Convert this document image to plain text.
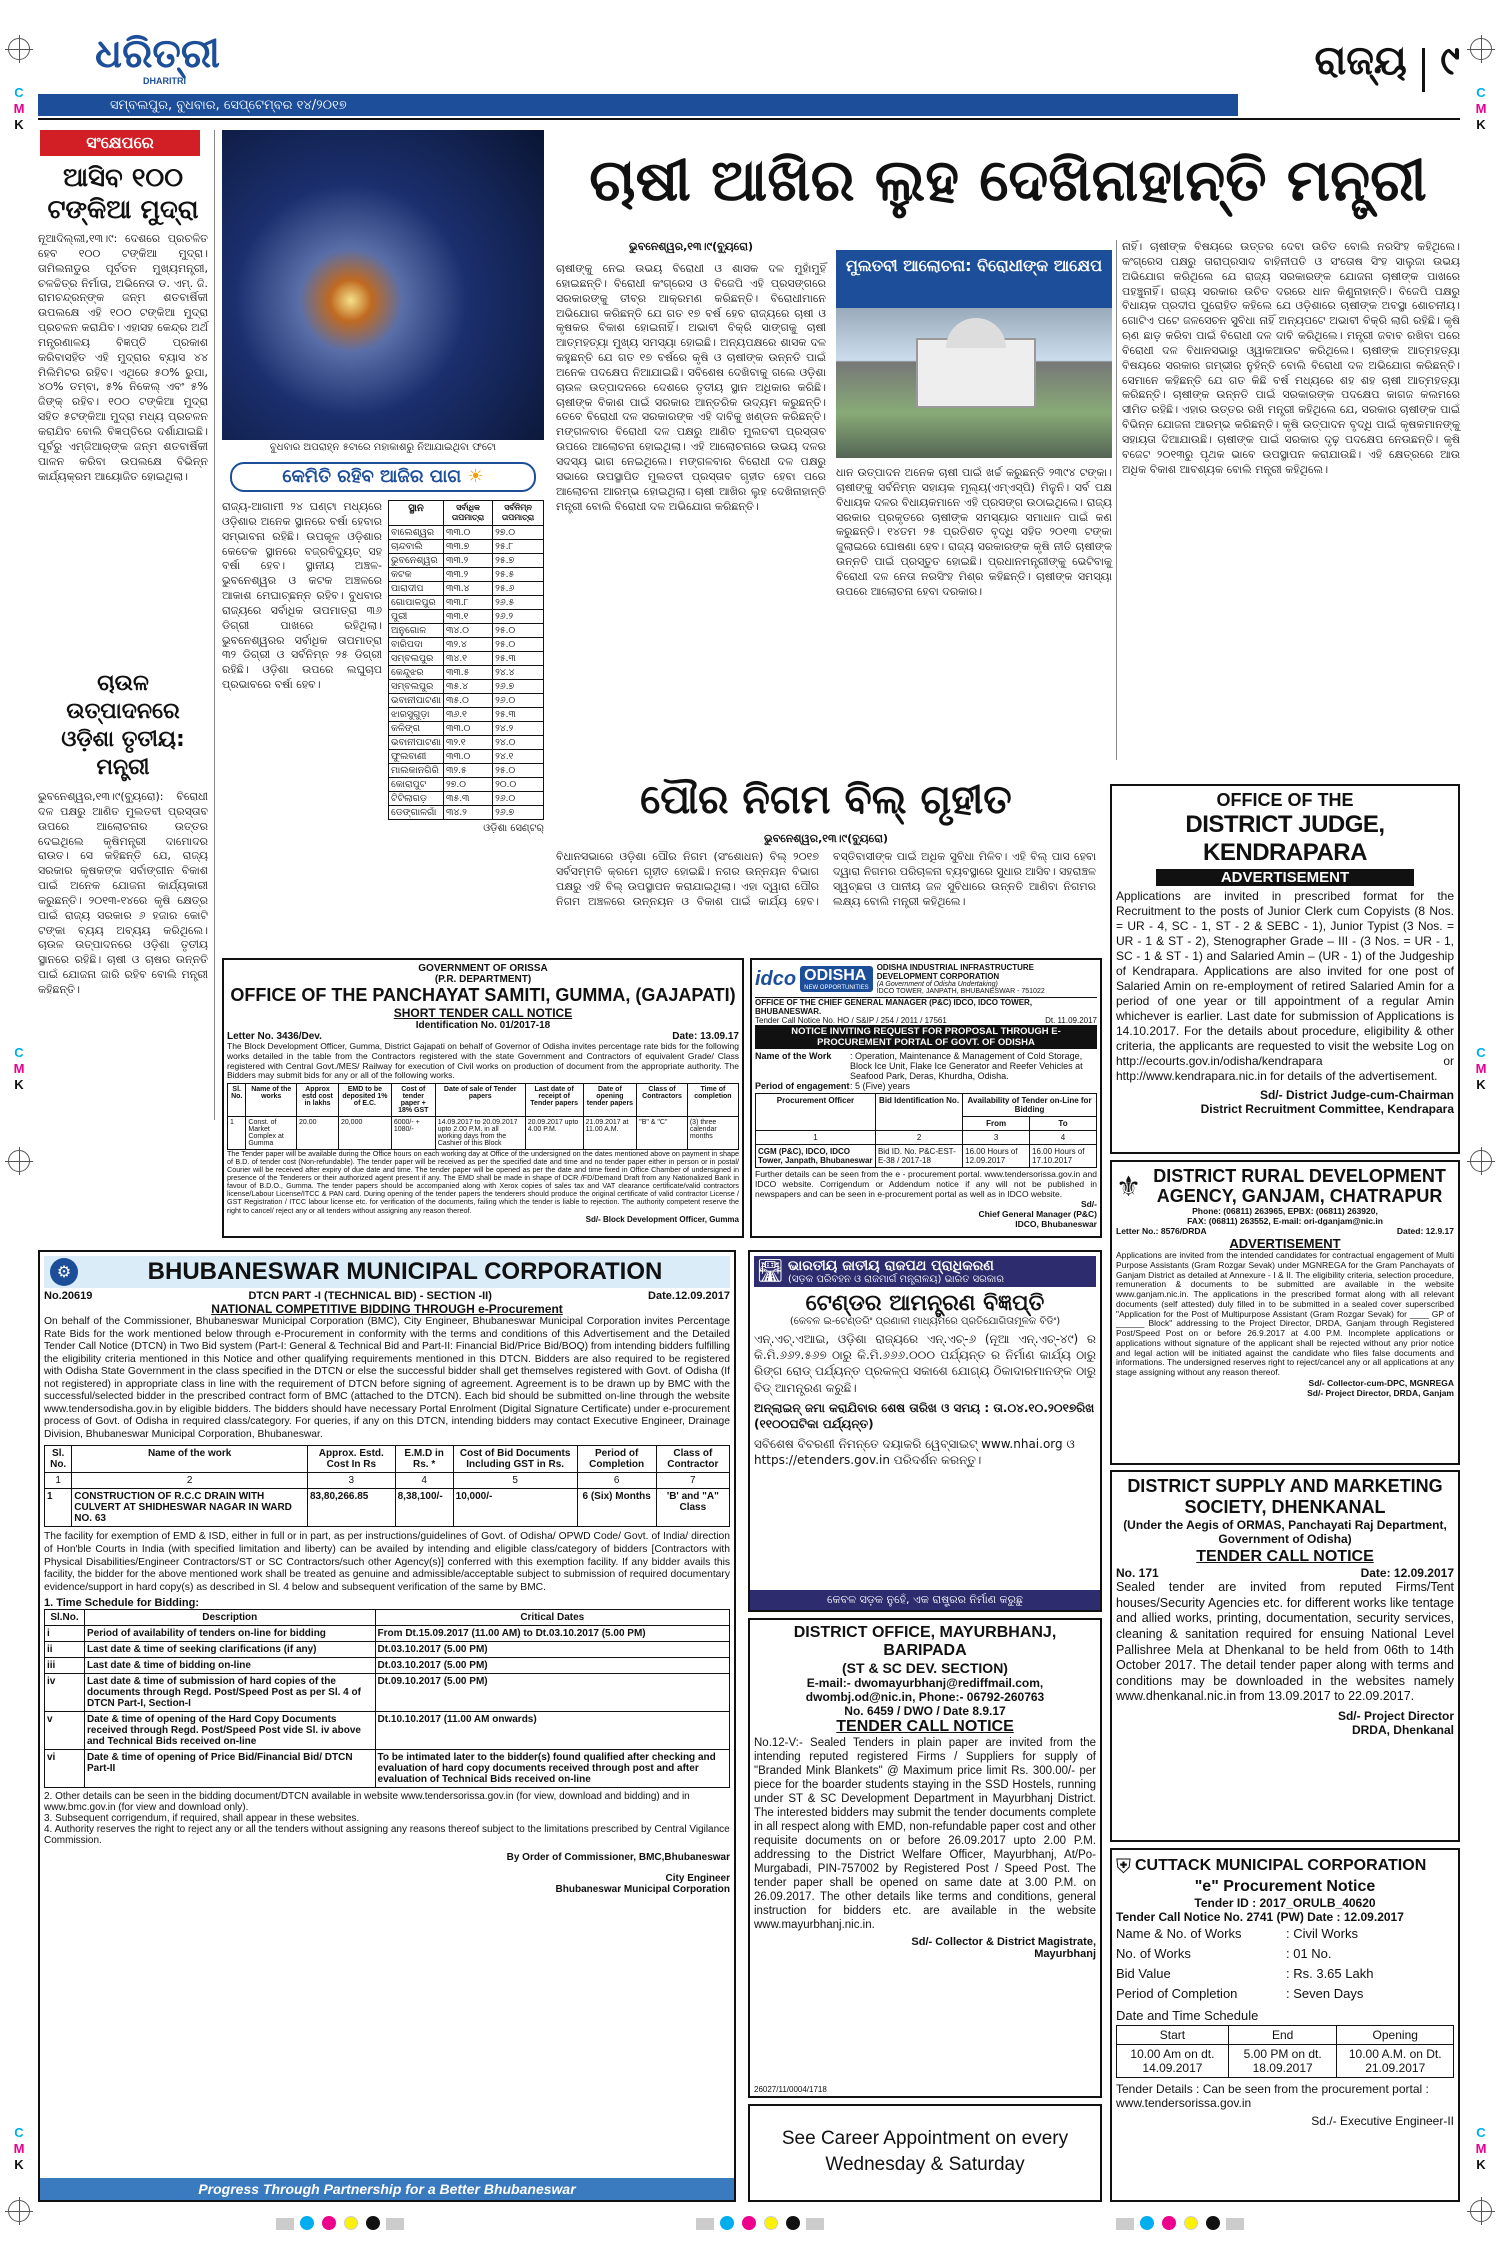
C
M
K
C
M
K
C
M
K
C
M
K
C
M
K
C
M
K
ଧରିତ୍ରୀ
DHARITRI
ସମ୍ବଲପୁର, ବୁଧବାର, ସେପ୍ଟେମ୍ବର ୧୪/୨୦୧୭
ରାଜ୍ୟ ୯
ସଂକ୍ଷେପରେ
ଆସିବ ୧୦୦ ଟଙ୍କିଆ ମୁଦ୍ରା
ନୂଆଦିଲ୍ଲୀ,୧୩।୯: ଦେଶରେ ପ୍ରଚଳିତ ହେବ ୧୦୦ ଟଙ୍କିଆ ମୁଦ୍ରା। ତାମିଲନାଡୁର ପୂର୍ବତନ ମୁଖ୍ୟମନ୍ତ୍ରୀ, ଚଳଚ୍ଚିତ୍ର ନିର୍ମାତା, ଅଭିନେତା ଡ. ଏମ୍. ଜି. ରାମଚନ୍ଦ୍ରନ୍‌ଙ୍କ ଜନ୍ମ ଶତବାର୍ଷିକୀ ଉପଲକ୍ଷେ ଏହି ୧୦୦ ଟଙ୍କିଆ ମୁଦ୍ରା ପ୍ରଚଳନ କରାଯିବ। ଏହାସହ କେନ୍ଦ୍ର ଅର୍ଥ ମନ୍ତ୍ରଣାଳୟ ବିଜ୍ଞପ୍ତି ପ୍ରକାଶ କରିବାସହିତ ଏହି ମୁଦ୍ରାର ବ୍ୟାସ ୪୪ ମିଲିମିଟର ରହିବ। ଏଥିରେ ୫୦% ରୁପା, ୪୦% ତମ୍ବା, ୫% ନିକେଲ୍ ଏବଂ ୫% ଜିଙ୍କ୍ ରହିବ। ୧୦୦ ଟଙ୍କିଆ ମୁଦ୍ରା ସହିତ ୫ଟଙ୍କିଆ ମୁଦ୍ରା ମଧ୍ୟ ପ୍ରଚଳନ କରାଯିବ ବୋଲି ବିଜ୍ଞପ୍ତିରେ ଦର୍ଶାଯାଇଛି। ପୂର୍ବରୁ ଏମ୍‌ଜିଆର୍‌ଙ୍କ ଜନ୍ମ ଶତବାର୍ଷିକୀ ପାଳନ କରିବା ଉପଲକ୍ଷେ ବିଭିନ୍ନ କାର୍ଯ୍ୟକ୍ରମ ଆୟୋଜିତ ହୋଇଥିଲା।
ଚାଉଳ ଉତ୍ପାଦନରେ ଓଡ଼ିଶା ତୃତୀୟ: ମନ୍ତ୍ରୀ
ଭୁବନେଶ୍ୱର,୧୩।୯(ବ୍ୟୁରୋ): ବିରୋଧୀ ଦଳ ପକ୍ଷରୁ ଆଣିତ ମୁଲତବୀ ପ୍ରସ୍ତାବ ଉପରେ ଆଲୋଚନାର ଉତ୍ତର ଦେଇଥିଲେ କୃଷିମନ୍ତ୍ରୀ ଦାମୋଦର ରାଉତ। ସେ କହିଛନ୍ତି ଯେ, ରାଜ୍ୟ ସରକାର କୃଷକଙ୍କ ସର୍ବାଙ୍ଗୀନ ବିକାଶ ପାଇଁ ଅନେକ ଯୋଜନା କାର୍ଯ୍ୟକାରୀ କରୁଛନ୍ତି। ୨୦୧୩-୧୪ରେ କୃଷି କ୍ଷେତ୍ର ପାଇଁ ରାଜ୍ୟ ସରକାର ୬ ହଜାର କୋଟି ଟଙ୍କା ବ୍ୟୟ ଅବ୍ୟୟ କରିଥିଲେ। ଚାଉଳ ଉତ୍ପାଦନରେ ଓଡ଼ିଶା ତୃତୀୟ ସ୍ଥାନରେ ରହିଛି। ଚାଷୀ ଓ ଚାଷର ଉନ୍ନତି ପାଇଁ ଯୋଜନା ଜାରି ରହିବ ବୋଲି ମନ୍ତ୍ରୀ କହିଛନ୍ତି।
ବୁଧବାର ଅପରାହ୍ନ ୫ଟାରେ ମହାକାଶରୁ ନିଆଯାଇଥିବା ଫଟୋ
କେମିତି ରହିବ ଆଜିର ପାଗ ☀
ରାଜ୍ୟ-ଆଗାମୀ ୨୪ ଘଣ୍ଟା ମଧ୍ୟରେ ଓଡ଼ିଶାର ଅନେକ ସ୍ଥାନରେ ବର୍ଷା ହେବାର ସମ୍ଭାବନା ରହିଛି। ଉପକୂଳ ଓଡ଼ିଶାର କେତେକ ସ୍ଥାନରେ ବଜ୍ରବିଦ୍ୟୁତ୍ ସହ ବର୍ଷା ହେବ। ସ୍ଥାନୀୟ ଅଞ୍ଚଳ- ଭୁବନେଶ୍ୱର ଓ କଟକ ଅଞ୍ଚଳରେ ଆକାଶ ମେଘାଚ୍ଛନ୍ନ ରହିବ। ବୁଧବାର ରାଜ୍ୟରେ ସର୍ବାଧିକ ତାପମାତ୍ରା ୩୬ ଡିଗ୍ରୀ ପାଖରେ ରହିଥିଲା। ଭୁବନେଶ୍ୱରର ସର୍ବାଧିକ ତାପମାତ୍ରା ୩୨ ଡିଗ୍ରୀ ଓ ସର୍ବନିମ୍ନ ୨୫ ଡିଗ୍ରୀ ରହିଛି। ଓଡ଼ିଶା ଉପରେ ଲଘୁଚାପ ପ୍ରଭାବରେ ବର୍ଷା ହେବ।
ସ୍ଥାନ	ସର୍ବାଧିକ ତାପମାତ୍ରା	ସର୍ବନିମ୍ନ ତାପମାତ୍ରା
ବାଲେଶ୍ୱର	୩୩.୦	୨୭.୦
ଚାନ୍ଦବାଲି	୩୩.୭	୨୫.୮
ଭୁବନେଶ୍ୱର	୩୩.୨	୨୫.୭
କଟକ	୩୩.୨	୨୫.୫
ପାରାଦୀପ	୩୩.୪	୨୫.୬
ଗୋପାଳପୁର	୩୩.୮	୨୬.୫
ପୁରୀ	୩୩.୧	୨୬.୨
ଅନୁଗୋଳ	୩୪.୦	୨୫.୦
ବାରିପଦା	୩୨.୪	୨୫.୦
ସମ୍ବଲପୁର	୩୪.୧	୨୫.୩
କେନ୍ଦୁଝର	୩୩.୫	୨୪.୪
ସମ୍ବଲପୁର	୩୫.୪	୨୬.୭
ଭବାନୀପାଟଣା	୩୫.୦	୨୬.୦
ଝାରସୁଗୁଡ଼ା	୩୬.୧	୨୫.୩
କଳିଙ୍ଗ	୩୩.୦	୨୪.୨
ଭବାନୀପାଟଣା	୩୨.୧	୨୪.୦
ଫୁଲବାଣୀ	୩୩.୦	୨୪.୧
ମାଲକାନଗିରି	୩୨.୫	୨୫.୦
କୋରାପୁଟ	୨୭.୦	୨୦.୦
ଟିଟିଲାଗଡ଼	୩୫.୩	୨୬.୦
ଡେଙ୍ଗାଳଗାଁ	୩୪.୨	୨୬.୭
ଓଡ଼ିଶା ସେଣ୍ଟର୍
ଚାଷୀ ଆଖିର ଲୁହ ଦେଖିନାହାନ୍ତି ମନ୍ତ୍ରୀ
ଭୁବନେଶ୍ୱର,୧୩।୯(ବ୍ୟୁରୋ)
ଚାଷୀଙ୍କୁ ନେଇ ଉଭୟ ବିରୋଧୀ ଓ ଶାସକ ଦଳ ମୁହାଁମୁହିଁ ହୋଇଛନ୍ତି। ବିରୋଧୀ କଂଗ୍ରେସ ଓ ବିଜେପି ଏହି ପ୍ରସଙ୍ଗରେ ସରକାରଙ୍କୁ ତୀବ୍ର ଆକ୍ରମଣ କରିଛନ୍ତି। ବିରୋଧୀମାନେ ଅଭିଯୋଗ କରିଛନ୍ତି ଯେ ଗତ ୧୭ ବର୍ଷ ହେବ ରାଜ୍ୟରେ ଚାଷୀ ଓ କୃଷକର ବିକାଶ ହୋଇନାହିଁ। ଅଭାବୀ ବିକ୍ରି ସାଙ୍ଗକୁ ଚାଷୀ ଆତ୍ମହତ୍ୟା ମୁଖ୍ୟ ସମସ୍ୟା ହୋଇଛି। ଅନ୍ୟପକ୍ଷରେ ଶାସକ ଦଳ କହୁଛନ୍ତି ଯେ ଗତ ୧୭ ବର୍ଷରେ କୃଷି ଓ ଚାଷୀଙ୍କ ଉନ୍ନତି ପାଇଁ ଅନେକ ପଦକ୍ଷେପ ନିଆଯାଇଛି। ସବିଶେଷ ଦେଖିବାକୁ ଗଲେ ଓଡ଼ିଶା ଚାଉଳ ଉତ୍ପାଦନରେ ଦେଶରେ ତୃତୀୟ ସ୍ଥାନ ଅଧିକାର କରିଛି। ଚାଷୀଙ୍କ ବିକାଶ ପାଇଁ ସରକାର ଆନ୍ତରିକ ଉଦ୍ୟମ କରୁଛନ୍ତି। ତେବେ ବିରୋଧୀ ଦଳ ସରକାରଙ୍କ ଏହି ଦାବିକୁ ଖଣ୍ଡନ କରିଛନ୍ତି। ମଙ୍ଗଳବାର ବିରୋଧୀ ଦଳ ପକ୍ଷରୁ ଆଣିତ ମୁଲତବୀ ପ୍ରସ୍ତାବ ଉପରେ ଆଲୋଚନା ହୋଇଥିଲା। ଏହି ଆଲୋଚନାରେ ଉଭୟ ଦଳର ସଦସ୍ୟ ଭାଗ ନେଇଥିଲେ। ମଙ୍ଗଳବାର ବିରୋଧୀ ଦଳ ପକ୍ଷରୁ ସଭାରେ ଉପସ୍ଥାପିତ ମୁଲତବୀ ପ୍ରସ୍ତାବ ଗୃହୀତ ହେବା ପରେ ଆଲୋଚନା ଆରମ୍ଭ ହୋଇଥିଲା। ଚାଷୀ ଆଖିର ଲୁହ ଦେଖିନାହାନ୍ତି ମନ୍ତ୍ରୀ ବୋଲି ବିରୋଧୀ ଦଳ ଅଭିଯୋଗ କରିଛନ୍ତି।
ମୁଲତବୀ ଆଲୋଚନା: ବିରୋଧୀଙ୍କ ଆକ୍ଷେପ
ଧାନ ଉତ୍ପାଦନ ଅନେକ ଚାଷୀ ପାଇଁ ଖର୍ଚ୍ଚ କରୁଛନ୍ତି ୨୩୯୪ ଟଙ୍କା। ଚାଷୀଙ୍କୁ ସର୍ବନିମ୍ନ ସହାୟକ ମୂଲ୍ୟ(ଏମ୍‌ଏସ୍‌ପି) ମିଳୁନି। ସର୍ବ ପକ୍ଷ ବିଧାୟକ ଦଳର ବିଧାୟକମାନେ ଏହି ପ୍ରସଙ୍ଗ ଉଠାଇଥିଲେ। ରାଜ୍ୟ ସରକାର ପ୍ରକୃତରେ ଚାଷୀଙ୍କ ସମସ୍ୟାର ସମାଧାନ ପାଇଁ କଣ କରୁଛନ୍ତି। ୧୪ତମ ୨୫ ପ୍ରତିଶତ ବୃଦ୍ଧି ସହିତ ୨୦୧୩ ଟଙ୍କା ଜୁଲାଇରେ ଘୋଷଣା ହେବ। ରାଜ୍ୟ ସରକାରଙ୍କ କୃଷି ନୀତି ଚାଷୀଙ୍କ ଉନ୍ନତି ପାଇଁ ପ୍ରସ୍ତୁତ ହୋଇଛି। ପ୍ରଧାନମନ୍ତ୍ରୀଙ୍କୁ ଭେଟିବାକୁ ବିରୋଧୀ ଦଳ ନେତା ନରସିଂହ ମିଶ୍ର କହିଛନ୍ତି। ଚାଷୀଙ୍କ ସମସ୍ୟା ଉପରେ ଆଲୋଚନା ହେବା ଦରକାର।
ନାହିଁ। ଚାଷୀଙ୍କ ବିଷୟରେ ଉତ୍ତର ଦେବା ଉଚିତ ବୋଲି ନରସିଂହ କହିଥିଲେ। କଂଗ୍ରେସ ପକ୍ଷରୁ ତାରାପ୍ରସାଦ ବାହିନୀପତି ଓ ସଂତୋଷ ସିଂହ ସାଲୁଜା ଉଭୟ ଅଭିଯୋଗ କରିଥିଲେ ଯେ ରାଜ୍ୟ ସରକାରଙ୍କ ଯୋଜନା ଚାଷୀଙ୍କ ପାଖରେ ପହଞ୍ଚୁନାହିଁ। ରାଜ୍ୟ ସରକାର ଉଚିତ ଦରରେ ଧାନ କିଣୁନାହାନ୍ତି। ବିଜେପି ପକ୍ଷରୁ ବିଧାୟକ ପ୍ରଦୀପ ପୁରୋହିତ କହିଲେ ଯେ ଓଡ଼ିଶାରେ ଚାଷୀଙ୍କ ଅବସ୍ଥା ଶୋଚନୀୟ। ଗୋଟିଏ ପଟେ ଜଳସେଚନ ସୁବିଧା ନାହିଁ ଅନ୍ୟପଟେ ଅଭାବୀ ବିକ୍ରି ଲାଗି ରହିଛି। କୃଷି ଋଣ ଛାଡ଼ କରିବା ପାଇଁ ବିରୋଧୀ ଦଳ ଦାବି କରିଥିଲେ। ମନ୍ତ୍ରୀ ଜବାବ ରଖିବା ପରେ ବିରୋଧୀ ଦଳ ବିଧାନସଭାରୁ ଓ୍ୱାକଆଉଟ କରିଥିଲେ। ଚାଷୀଙ୍କ ଆତ୍ମହତ୍ୟା ବିଷୟରେ ସରକାର ଗମ୍ଭୀର ନୁହଁନ୍ତି ବୋଲି ବିରୋଧୀ ଦଳ ଅଭିଯୋଗ କରିଛନ୍ତି। ସେମାନେ କହିଛନ୍ତି ଯେ ଗତ କିଛି ବର୍ଷ ମଧ୍ୟରେ ଶହ ଶହ ଚାଷୀ ଆତ୍ମହତ୍ୟା କରିଛନ୍ତି। ଚାଷୀଙ୍କ ଉନ୍ନତି ପାଇଁ ସରକାରଙ୍କ ପଦକ୍ଷେପ କାଗଜ କଲମରେ ସୀମିତ ରହିଛି। ଏହାର ଉତ୍ତର ରଖି ମନ୍ତ୍ରୀ କହିଥିଲେ ଯେ, ସରକାର ଚାଷୀଙ୍କ ପାଇଁ ବିଭିନ୍ନ ଯୋଜନା ଆରମ୍ଭ କରିଛନ୍ତି। କୃଷି ଉତ୍ପାଦନ ବୃଦ୍ଧି ପାଇଁ କୃଷକମାନଙ୍କୁ ସହାୟତା ଦିଆଯାଉଛି। ଚାଷୀଙ୍କ ପାଇଁ ସରକାର ଦୃଢ଼ ପଦକ୍ଷେପ ନେଉଛନ୍ତି। କୃଷି ବଜେଟ ୨୦୧୩ରୁ ପୃଥକ ଭାବେ ଉପସ୍ଥାପନ କରାଯାଉଛି। ଏହି କ୍ଷେତ୍ରରେ ଆଉ ଅଧିକ ବିକାଶ ଆବଶ୍ୟକ ବୋଲି ମନ୍ତ୍ରୀ କହିଥିଲେ।
ପୌର ନିଗମ ବିଲ୍ ଗୃହୀତ
ଭୁବନେଶ୍ୱର,୧୩।୯(ବ୍ୟୁରୋ)
ବିଧାନସଭାରେ ଓଡ଼ିଶା ପୌର ନିଗମ (ସଂଶୋଧନ) ବିଲ୍ ୨୦୧୭ ସର୍ବସମ୍ମତି କ୍ରମେ ଗୃହୀତ ହୋଇଛି। ନଗର ଉନ୍ନୟନ ବିଭାଗ ପକ୍ଷରୁ ଏହି ବିଲ୍ ଉପସ୍ଥାପନ କରାଯାଇଥିଲା। ଏହା ଦ୍ୱାରା ପୌର ନିଗମ ଅଞ୍ଚଳରେ ଉନ୍ନୟନ ଓ ବିକାଶ ପାଇଁ କାର୍ଯ୍ୟ ହେବ। ବସ୍ତିବାସୀଙ୍କ ପାଇଁ ଅଧିକ ସୁବିଧା ମିଳିବ। ଏହି ବିଲ୍ ପାସ ହେବା ଦ୍ୱାରା ନିଗମର ପରିଚାଳନା ବ୍ୟବସ୍ଥାରେ ସୁଧାର ଆସିବ। ସହରାଞ୍ଚଳ ସ୍ୱଚ୍ଛତା ଓ ପାନୀୟ ଜଳ ସୁବିଧାରେ ଉନ୍ନତି ଆଣିବା ନିଗମର ଲକ୍ଷ୍ୟ ବୋଲି ମନ୍ତ୍ରୀ କହିଥିଲେ।
OFFICE OF THE
DISTRICT JUDGE, KENDRAPARA
ADVERTISEMENT
Applications are invited in prescribed format for the Recruitment to the posts of Junior Clerk cum Copyists (8 Nos. = UR - 4, SC - 1, ST - 2 & SEBC - 1), Junior Typist (3 Nos. = UR - 1 & ST - 2), Stenographer Grade – III - (3 Nos. = UR - 1, SC - 1 & ST - 1) and Salaried Amin – (UR - 1) of the Judgeship of Kendrapara. Applications are also invited for one post of Salaried Amin on re-employment of retired Salaried Amin for a period of one year or till appointment of a regular Amin whichever is earlier. Last date for submission of Applications is 14.10.2017. For the details about procedure, eligibility & other criteria, the applicants are requested to visit the website Log on http://ecourts.gov.in/odisha/kendrapara or http://www.kendrapara.nic.in for details of the advertisement.
Sd/- District Judge-cum-Chairman
District Recruitment Committee, Kendrapara
GOVERNMENT OF ORISSA
(P.R. DEPARTMENT)
OFFICE OF THE PANCHAYAT SAMITI, GUMMA, (GAJAPATI)
SHORT TENDER CALL NOTICE
Identification No. 01/2017-18
Letter No. 3436/Dev.	Date: 13.09.17
The Block Development Officer, Gumma, District Gajapati on behalf of Governor of Odisha invites percentage rate bids for the following works detailed in the table from the Contractors registered with the state Government and Contractors of equivalent Grade/ Class registered with Central Govt./MES/ Railway for execution of Civil works on production of document from the appropriate authority. The Bidders may submit bids for any or all of the following works.
Sl. No.	Name of the works	Approx estd cost in lakhs	EMD to be deposited 1% of E.C.	Cost of tender paper + 18% GST	Date of sale of Tender papers	Last date of receipt of Tender papers	Date of opening tender papers	Class of Contractors	Time of completion
1	Const. of Market Complex at Gumma	20.00	20,000	6000/- + 1080/-	14.09.2017 to 20.09.2017 upto 2.00 P.M. in all working days from the Cashier of this Block	20.09.2017 upto 4.00 P.M.	21.09.2017 at 11.00 A.M.	"B" & "C"	(3) three calendar months
The Tender paper will be available during the Office hours on each working day at Office of the undersigned on the dates mentioned above on payment in shape of B.D. of tender cost (Non-refundable). The tender paper will be received as per the specified date and time and no tender paper either in person or in postal/ Courier will be received after expiry of due date and time. The tender paper will be opened as per the date and time fixed in Office Chamber of undersigned in presence of the Tenderers or their authorized agent present if any. The EMD shall be made in shape of DCR /FD/Demand Draft from any Nationalized Bank in favour of B.D.O., Gumma. The tender papers should be accompanied along with Xerox copies of sales tax and VAT clearance certificate/valid contractors license/Labour License/ITCC & PAN card. During opening of the tender papers the tenderers should produce the original certificate of valid contractor License / GST Registration / ITCC labour license etc. for verification of the documents, failing which the tender is liable to rejection. The authority competent reserve the right to cancel/ reject any or all tenders without assigning any reason thereof.
Sd/- Block Development Officer, Gumma
idco ODISHA
NEW OPPORTUNITIES
ODISHA INDUSTRIAL INFRASTRUCTURE DEVELOPMENT CORPORATION
(A Government of Odisha Undertaking)
IDCO TOWER, JANPATH, BHUBANESWAR - 751022
OFFICE OF THE CHIEF GENERAL MANAGER (P&C) IDCO, IDCO TOWER, BHUBANESWAR.
Tender Call Notice No. HO / S&IP / 254 / 2011 / 17561	Dt. 11.09.2017
NOTICE INVITING REQUEST FOR PROPOSAL THROUGH E-PROCUREMENT PORTAL OF GOVT. OF ODISHA
Name of the Work	: Operation, Maintenance & Management of Cold Storage, Block Ice Unit, Flake Ice Generator and Reefer Vehicles at Seafood Park, Deras, Khurdha, Odisha.
Period of engagement : 5 (Five) years
Procurement Officer	Bid Identification No.	Availability of Tender on-Line for Bidding	
		From	To
1	2	3	4
CGM (P&C), IDCO, IDCO Tower, Janpath, Bhubaneswar	Bid ID. No. P&C-EST-E-38 / 2017-18	16.00 Hours of 12.09.2017	16.00 Hours of 17.10.2017
Further details can be seen from the e - procurement portal. www.tendersorissa.gov.in and IDCO website. Corrigendum or Addendum notice if any will not be published in newspapers and can be seen in e-procurement portal as well as in IDCO website.
Sd/-
Chief General Manager (P&C)
IDCO, Bhubaneswar
⚜ DISTRICT RURAL DEVELOPMENT AGENCY, GANJAM, CHATRAPUR
Phone: (06811) 263965, EPBX: (06811) 263920,
FAX: (06811) 263552, E-mail: ori-dganjam@nic.in
Letter No.: 8576/DRDA	Dated: 12.9.17
ADVERTISEMENT
Applications are invited from the intended candidates for contractual engagement of Multi Purpose Assistants (Gram Rozgar Sevak) under MGNREGA for the Gram Panchayats of Ganjam District as detailed at Annexure - I & II. The eligibility criteria, selection procedure, remuneration & documents to be submitted are available in the website www.ganjam.nic.in. The applications in the prescribed format along with all relevant documents (self attested) duly filled in to be submitted in a sealed cover superscribed "Application for the Post of Multipurpose Assistant (Gram Rozgar Sevak) for ____ GP of ______ Block" addressing to the Project Director, DRDA, Ganjam through Registered Post/Speed Post on or before 26.9.2017 at 4.00 P.M. Incomplete applications or applications without signature of the applicant shall be rejected without any prior notice and legal action will be initiated against the candidate who files false documents and informations. The undersigned reserves right to reject/cancel any or all applications at any stage assigning without any reason thereof.
Sd/- Collector-cum-DPC, MGNREGA
Sd/- Project Director, DRDA, Ganjam
⚙	BHUBANESWAR MUNICIPAL CORPORATION
No.20619	DTCN PART -I (TECHNICAL BID) - SECTION -II)	Date.12.09.2017
NATIONAL COMPETITIVE BIDDING THROUGH e-Procurement
On behalf of the Commissioner, Bhubaneswar Municipal Corporation (BMC), City Engineer, Bhubaneswar Municipal Corporation invites Percentage Rate Bids for the work mentioned below through e-Procurement in conformity with the terms and conditions of this Advertisement and the Detailed Tender Call Notice (DTCN) in Two Bid system (Part-I: General & Technical Bid and Part-II: Financial Bid/Price Bid/BOQ) from intending bidders fulfilling the eligibility criteria mentioned in this Notice and other qualifying requirements mentioned in this DTCN. Bidders are also required to be registered with Odisha State Government in the class specified in the DTCN or else the successful bidder shall get themselves registered with Govt. of Odisha (If not registered) in appropriate class in line with the requirement of DTCN before signing of agreement. Agreement is to be drawn up by BMC with the successful/selected bidder in the prescribed contract form of BMC (attached to the DTCN). Each bid should be submitted on-line through the website www.tendersodisha.gov.in by eligible bidders. The bidders should have necessary Portal Enrolment (Digital Signature Certificate) under e-procurement process of Govt. of Odisha in required class/category. For queries, if any on this DTCN, intending bidders may contact Executive Engineer, Drainage Division, Bhubaneswar Municipal Corporation, Bhubaneswar.
Sl. No.	Name of the work	Approx. Estd. Cost In Rs	E.M.D in Rs. *	Cost of Bid Documents Including GST in Rs.	Period of Completion	Class of Contractor
1	2	3	4	5	6	7
1	CONSTRUCTION OF R.C.C DRAIN WITH CULVERT AT SHIDHESWAR NAGAR IN WARD NO. 63	83,80,266.85	8,38,100/-	10,000/-	6 (Six) Months	'B' and "A" Class
The facility for exemption of EMD & ISD, either in full or in part, as per instructions/guidelines of Govt. of Odisha/ OPWD Code/ Govt. of India/ direction of Hon'ble Courts in India (with specified limitation and liberty) can be availed by intending and eligible class/category of bidders [Contractors with Physical Disabilities/Engineer Contractors/ST or SC Contractors/such other Agency(s)] conferred with this exemption facility. If any bidder avails this facility, the bidder for the above mentioned work shall be treated as genuine and admissible/acceptable subject to submission of required documentary evidence/support in hard copy(s) as described in Sl. 4 below and subsequent verification of the same by BMC.
1. Time Schedule for Bidding:
Sl.No.	Description	Critical Dates
i	Period of availability of tenders on-line for bidding	From Dt.15.09.2017 (11.00 AM) to Dt.03.10.2017 (5.00 PM)
ii	Last date & time of seeking clarifications (if any)	Dt.03.10.2017 (5.00 PM)
iii	Last date & time of bidding on-line	Dt.03.10.2017 (5.00 PM)
iv	Last date & time of submission of hard copies of the documents through Regd. Post/Speed Post as per Sl. 4 of DTCN Part-I, Section-I	Dt.09.10.2017 (5.00 PM)
v	Date & time of opening of the Hard Copy Documents received through Regd. Post/Speed Post vide Sl. iv above and Technical Bids received on-line	Dt.10.10.2017 (11.00 AM onwards)
vi	Date & time of opening of Price Bid/Financial Bid/ DTCN Part-II	To be intimated later to the bidder(s) found qualified after checking and evaluation of hard copy documents received through post and after evaluation of Technical Bids received on-line
2. Other details can be seen in the bidding document/DTCN available in website www.tendersorissa.gov.in (for view, download and bidding) and in www.bmc.gov.in (for view and download only).
3. Subsequent corrigendum, if required, shall appear in these websites.
4. Authority reserves the right to reject any or all the tenders without assigning any reasons thereof subject to the limitations prescribed by Central Vigilance Commission.
By Order of Commissioner, BMC,Bhubaneswar
City Engineer
Bhubaneswar Municipal Corporation
Progress Through Partnership for a Better Bhubaneswar
🛣 ଭାରତୀୟ ଜାତୀୟ ରାଜପଥ ପ୍ରାଧିକରଣ
(ସଡ଼କ ପରିବହନ ଓ ରାଜମାର୍ଗ ମନ୍ତ୍ରାଳୟ) ଭାରତ ସରକାର
ଟେଣ୍ଡର ଆମନ୍ତ୍ରଣ ବିଜ୍ଞପ୍ତି
(କେବଳ ଇ-ଟେଣ୍ଡରିଂ ପ୍ରଣାଳୀ ମାଧ୍ୟମରେ ପ୍ରତିଯୋଗିତାମୂଳକ ବିଡିଂ)
ଏନ୍.ଏଚ୍.ଏଆଇ, ଓଡ଼ିଶା ରାଜ୍ୟରେ ଏନ୍.ଏଚ୍-୬ (ନୂଆ ଏନ୍.ଏଚ୍-୪୯) ର କି.ମି.୬୬୨.୫୬୭ ଠାରୁ କି.ମି.୬୬୬.୦୦୦ ପର୍ଯ୍ୟନ୍ତ ର ନିର୍ମାଣ କାର୍ଯ୍ୟ ଠାରୁ ରିଙ୍ଗ ରୋଡ୍ ପର୍ଯ୍ୟନ୍ତ ପ୍ରକଳ୍ପ ସକାଶେ ଯୋଗ୍ୟ ଠିକାଦାରମାନଙ୍କ ଠାରୁ ବିଡ୍ ଆମନ୍ତ୍ରଣ କରୁଛି।
ଅନ୍‌ଲାଇନ୍ ଜମା କରାଯିବାର ଶେଷ ତାରିଖ ଓ ସମୟ : ତା.୦୪.୧୦.୨୦୧୭ରିଖ (୧୧୦୦ଘଟିକା ପର୍ଯ୍ୟନ୍ତ)
ସବିଶେଷ ବିବରଣୀ ନିମନ୍ତେ ଦୟାକରି ୱେବ୍‌ସାଇଟ୍ www.nhai.org ଓ https://etenders.gov.in ପରିଦର୍ଶନ କରନ୍ତୁ।
କେବଳ ସଡ଼କ ନୁହେଁ, ଏକ ରାଷ୍ଟ୍ରର ନିର୍ମାଣ କରୁଛୁ
DISTRICT OFFICE, MAYURBHANJ, BARIPADA
(ST & SC DEV. SECTION)
E-mail:- dwomayurbhanj@rediffmail.com,
dwombj.od@nic.in, Phone:- 06792-260763
No. 6459 / DWO / Date 8.9.17
TENDER CALL NOTICE
No.12-V:- Sealed Tenders in plain paper are invited from the intending reputed registered Firms / Suppliers for supply of "Branded Mink Blankets" @ Maximum price limit Rs. 300.00/- per piece for the boarder students staying in the SSD Hostels, running under ST & SC Development Department in Mayurbhanj District. The interested bidders may submit the tender documents complete in all respect along with EMD, non-refundable paper cost and other requisite documents on or before 26.09.2017 upto 2.00 P.M. addressing to the District Welfare Officer, Mayurbhanj, At/Po-Murgabadi, PIN-757002 by Registered Post / Speed Post. The tender paper shall be opened on same date at 3.00 P.M. on 26.09.2017. The other details like terms and conditions, general instruction for bidders etc. are available in the website www.mayurbhanj.nic.in.
Sd/- Collector & District Magistrate,
Mayurbhanj
26027/11/0004/1718
See Career Appointment on every Wednesday & Saturday
DISTRICT SUPPLY AND MARKETING
SOCIETY, DHENKANAL
(Under the Aegis of ORMAS, Panchayati Raj Department, Government of Odisha)
TENDER CALL NOTICE
No. 171	Date: 12.09.2017
Sealed tender are invited from reputed Firms/Tent houses/Security Agencies etc. for different works like tentage and allied works, printing, documentation, security services, cleaning & sanitation required for ensuing National Level Pallishree Mela at Dhenkanal to be held from 06th to 14th October 2017. The detail tender paper along with terms and conditions may be downloaded in the websites namely www.dhenkanal.nic.in from 13.09.2017 to 22.09.2017.
Sd/- Project Director
DRDA, Dhenkanal
⛨ CUTTACK MUNICIPAL CORPORATION
"e" Procurement Notice
Tender ID : 2017_ORULB_40620
Tender Call Notice No. 2741 (PW) Date : 12.09.2017
Name & No. of Works	: Civil Works
No. of Works	: 01 No.
Bid Value	: Rs. 3.65 Lakh
Period of Completion	: Seven Days
Date and Time Schedule
Start	End	Opening
10.00 Am on dt. 14.09.2017	5.00 PM on dt. 18.09.2017	10.00 A.M. on Dt. 21.09.2017
Tender Details : Can be seen from the procurement portal : www.tendersorissa.gov.in
Sd./- Executive Engineer-II
